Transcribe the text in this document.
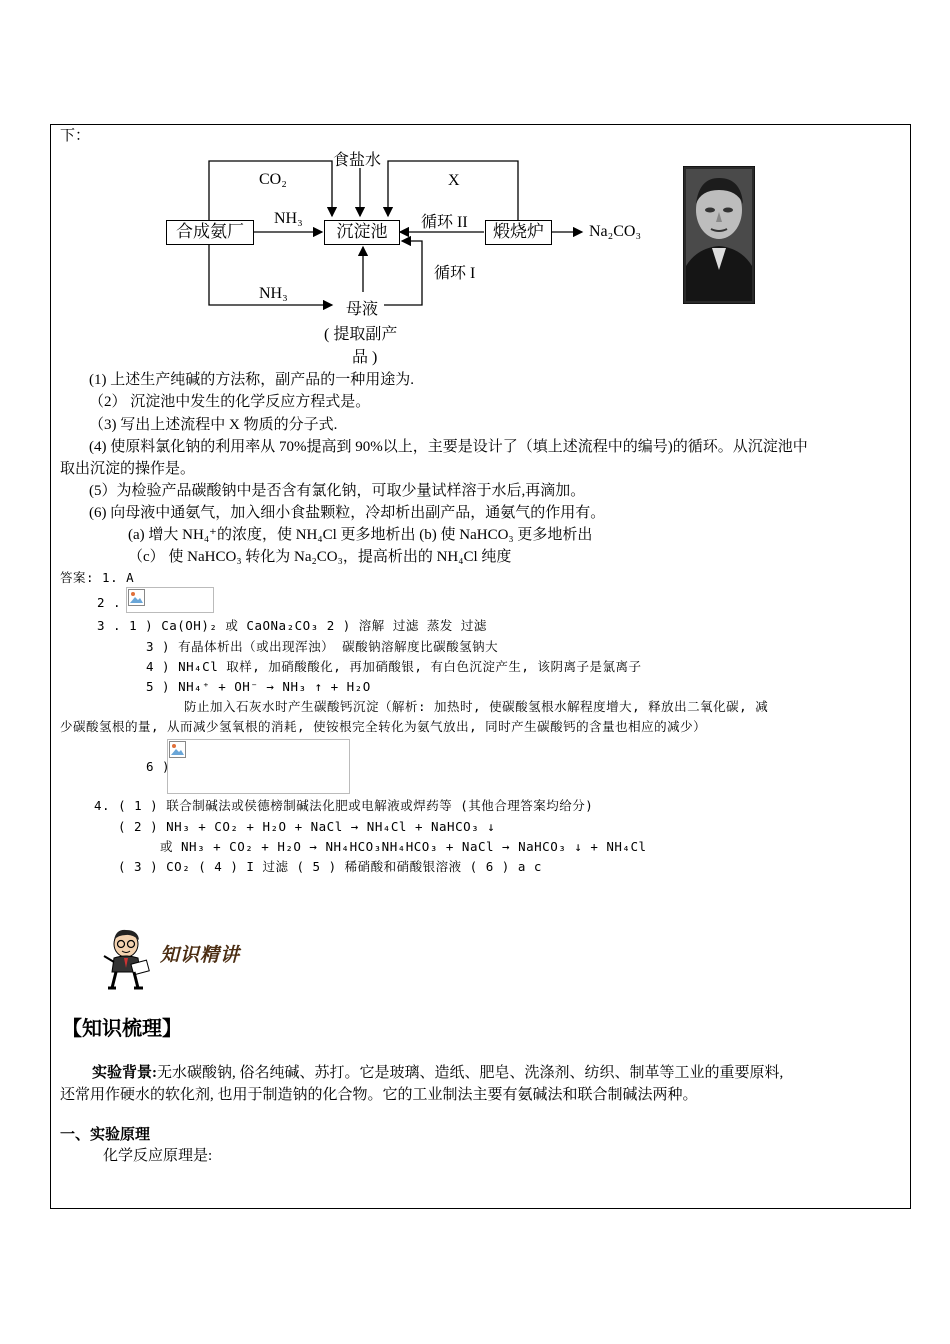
下：
合成氨厂	沉淀池	煅烧炉
食盐水
CO₂	X
NH₃	循环 II
Na₂CO₃
循环 I
NH₃
母液
( 提取副产
品 )
(1) 上述生产纯碱的方法称，副产品的一种用途为.
（2） 沉淀池中发生的化学反应方程式是。
（3) 写出上述流程中 X 物质的分子式.
(4) 使原料氯化钠的利用率从 70%提高到 90%以上，主要是设计了（填上述流程中的编号)的循环。从沉淀池中
取出沉淀的操作是。
(5）为检验产品碳酸钠中是否含有氯化钠，可取少量试样溶于水后,再滴加。
(6) 向母液中通氨气，加入细小食盐颗粒，冷却析出副产品，通氨气的作用有。
(a) 增大 NH₄⁺的浓度，使 NH₄Cl 更多地析出 (b) 使 NaHCO₃ 更多地析出
（c） 使 NaHCO₃ 转化为 Na₂CO₃，提高析出的 NH₄Cl 纯度
答案: 1. A
2 .
3 . 1 ) Ca(OH)₂ 或 CaONa₂CO₃ 2 ) 溶解 过滤 蒸发 过滤
3 ) 有晶体析出（或出现浑浊） 碳酸钠溶解度比碳酸氢钠大
4 ) NH₄Cl 取样, 加硝酸酸化, 再加硝酸银, 有白色沉淀产生, 该阴离子是氯离子
5 ) NH₄⁺ + OH⁻ → NH₃ ↑ + H₂O
防止加入石灰水时产生碳酸钙沉淀（解析: 加热时, 使碳酸氢根水解程度增大, 释放出二氧化碳, 减
少碳酸氢根的量, 从而减少氢氧根的消耗, 使铵根完全转化为氨气放出, 同时产生碳酸钙的含量也相应的减少）
6 )
4. ( 1 ) 联合制碱法或侯德榜制碱法化肥或电解液或焊药等 (其他合理答案均给分)
( 2 ) NH₃ + CO₂ + H₂O + NaCl → NH₄Cl + NaHCO₃ ↓
或 NH₃ + CO₂ + H₂O → NH₄HCO₃NH₄HCO₃ + NaCl → NaHCO₃ ↓ + NH₄Cl
( 3 ) CO₂ ( 4 ) I 过滤 ( 5 ) 稀硝酸和硝酸银溶液 ( 6 ) a c
知识精讲
【知识梳理】
实验背景:无水碳酸钠, 俗名纯碱、苏打。它是玻璃、造纸、肥皂、洗涤剂、纺织、制革等工业的重要原料,
还常用作硬水的软化剂, 也用于制造钠的化合物。它的工业制法主要有氨碱法和联合制碱法两种。
一、实验原理
化学反应原理是:
